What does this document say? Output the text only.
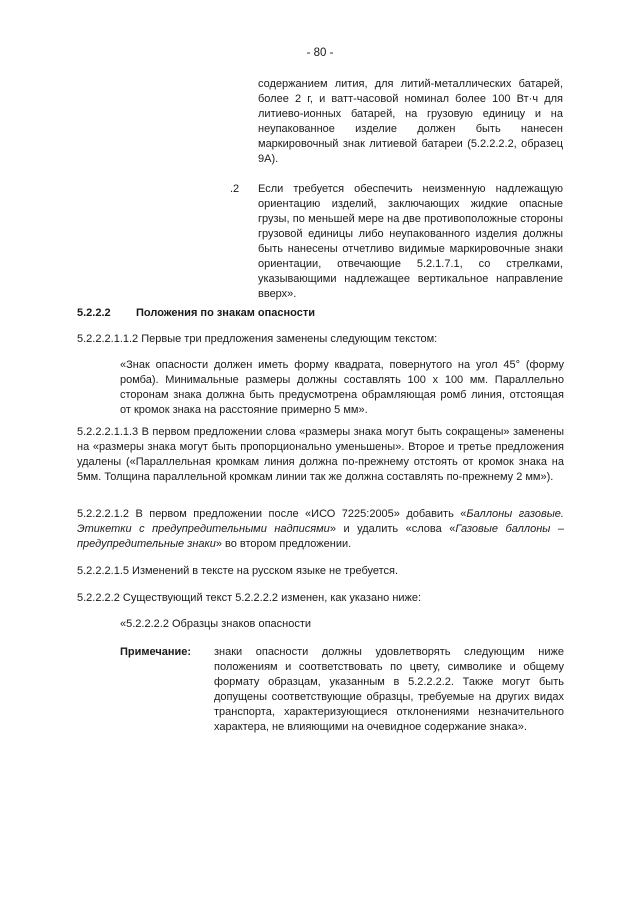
- 80 -
содержанием лития, для литий-металлических батарей, более 2 г, и ватт-часовой номинал более 100 Вт·ч для литиево-ионных батарей, на грузовую единицу и на неупакованное изделие должен быть нанесен маркировочный знак литиевой батареи (5.2.2.2.2, образец 9А).
.2 Если требуется обеспечить неизменную надлежащую ориентацию изделий, заключающих жидкие опасные грузы, по меньшей мере на две противоположные стороны грузовой единицы либо неупакованного изделия должны быть нанесены отчетливо видимые маркировочные знаки ориентации, отвечающие 5.2.1.7.1, со стрелками, указывающими надлежащее вертикальное направление вверх».
5.2.2.2 Положения по знакам опасности
5.2.2.2.1.1.2 Первые три предложения заменены следующим текстом:
«Знак опасности должен иметь форму квадрата, повернутого на угол 45° (форму ромба). Минимальные размеры должны составлять 100 x 100 мм. Параллельно сторонам знака должна быть предусмотрена обрамляющая ромб линия, отстоящая от кромок знака на расстояние примерно 5 мм».
5.2.2.2.1.1.3 В первом предложении слова «размеры знака могут быть сокращены» заменены на «размеры знака могут быть пропорционально уменьшены». Второе и третье предложения удалены («Параллельная кромкам линия должна по-прежнему отстоять от кромок знака на 5мм. Толщина параллельной кромкам линии так же должна составлять по-прежнему 2 мм»).
5.2.2.2.1.2 В первом предложении после «ИСО 7225:2005» добавить «Баллоны газовые. Этикетки с предупредительными надписями» и удалить «слова «Газовые баллоны – предупредительные знаки» во втором предложении.
5.2.2.2.1.5 Изменений в тексте на русском языке не требуется.
5.2.2.2.2 Существующий текст 5.2.2.2.2 изменен, как указано ниже:
«5.2.2.2.2 Образцы знаков опасности
Примечание: знаки опасности должны удовлетворять следующим ниже положениям и соответствовать по цвету, символике и общему формату образцам, указанным в 5.2.2.2.2. Также могут быть допущены соответствующие образцы, требуемые на других видах транспорта, характеризующиеся отклонениями незначительного характера, не влияющими на очевидное содержание знака».
